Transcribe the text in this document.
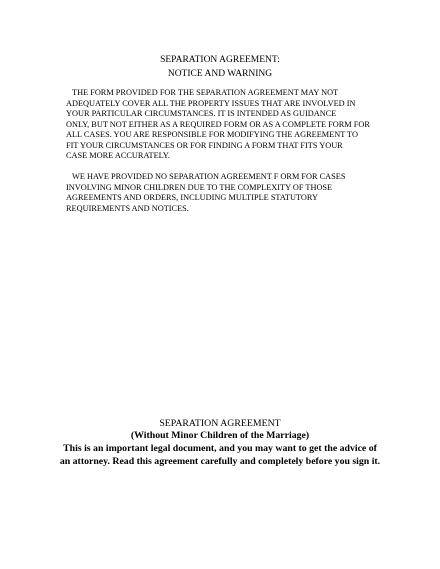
SEPARATION AGREEMENT:
NOTICE AND WARNING
THE FORM PROVIDED FOR THE SEPARATION AGREEMENT MAY NOT
ADEQUATELY COVER ALL THE PROPERTY ISSUES THAT ARE INVOLVED IN
YOUR PARTICULAR CIRCUMSTANCES. IT IS INTENDED AS GUIDANCE
ONLY, BUT NOT EITHER AS A REQUIRED FORM OR AS A COMPLETE FORM FOR
ALL CASES. YOU ARE RESPONSIBLE FOR MODIFYING THE AGREEMENT TO
FIT YOUR CIRCUMSTANCES OR FOR FINDING A FORM THAT FITS YOUR
CASE MORE ACCURATELY.
WE HAVE PROVIDED NO SEPARATION AGREEMENT F ORM FOR CASES
INVOLVING MINOR CHILDREN DUE TO THE COMPLEXITY OF THOSE
AGREEMENTS AND ORDERS, INCLUDING MULTIPLE STATUTORY
REQUIREMENTS AND NOTICES.
SEPARATION AGREEMENT
(Without Minor Children of the Marriage)
This is an important legal document, and you may want to get the advice of
an attorney. Read this agreement carefully and completely before you sign it.
